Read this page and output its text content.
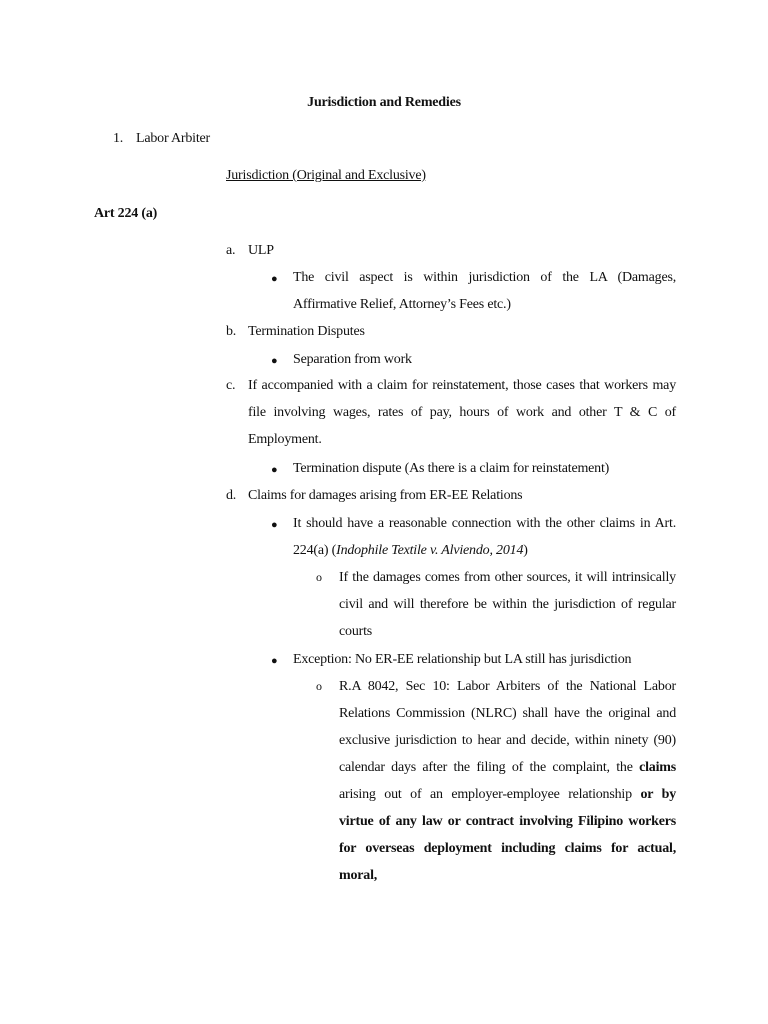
Jurisdiction and Remedies
1. Labor Arbiter
Jurisdiction (Original and Exclusive)
Art 224 (a)
a. ULP
● The civil aspect is within jurisdiction of the LA (Damages, Affirmative Relief, Attorney’s Fees etc.)
b. Termination Disputes
● Separation from work
c. If accompanied with a claim for reinstatement, those cases that workers may file involving wages, rates of pay, hours of work and other T & C of Employment.
● Termination dispute (As there is a claim for reinstatement)
d. Claims for damages arising from ER-EE Relations
● It should have a reasonable connection with the other claims in Art. 224(a) (Indophile Textile v. Alviendo, 2014)
o If the damages comes from other sources, it will intrinsically civil and will therefore be within the jurisdiction of regular courts
● Exception: No ER-EE relationship but LA still has jurisdiction
o R.A 8042, Sec 10: Labor Arbiters of the National Labor Relations Commission (NLRC) shall have the original and exclusive jurisdiction to hear and decide, within ninety (90) calendar days after the filing of the complaint, the claims arising out of an employer-employee relationship or by virtue of any law or contract involving Filipino workers for overseas deployment including claims for actual, moral,
